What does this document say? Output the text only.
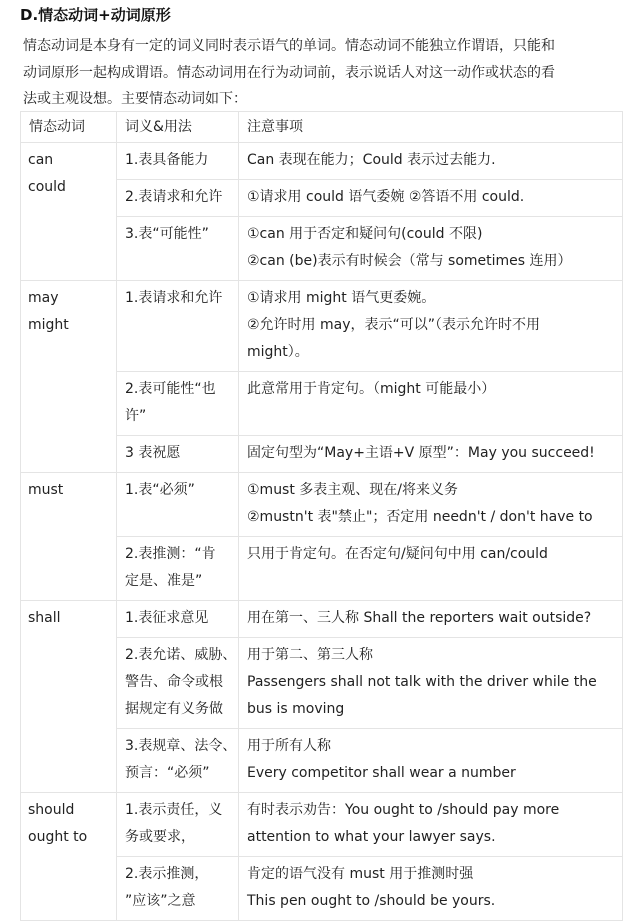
D.情态动词+动词原形

情态动词是本身有一定的词义同时表示语气的单词。情态动词不能独立作谓语，只能和

动词原形一起构成谓语。情态动词用在行为动词前，表示说话人对这一动作或状态的看

法或主观设想。主要情态动词如下：

情态动词	词义&用法	注意事项

can
could	1.表具备能力	Can 表现在能力；Could 表示过去能力.

	2.表请求和允许	①请求用 could 语气委婉 ②答语不用 could.

	3.表“可能性”	①can 用于否定和疑问句(could 不限)
②can (be)表示有时候会（常与 sometimes 连用）

may
might	1.表请求和允许	①请求用 might 语气更委婉。
②允许时用 may，表示“可以”（表示允许时不用
might）。

	2.表可能性“也
许”	此意常用于肯定句。（might 可能最小）

	3 表祝愿	固定句型为“May+主语+V 原型”：May you succeed!

must	1.表“必须”	①must 多表主观、现在/将来义务
②mustn't 表"禁止"；否定用 needn't / don't have to

	2.表推测：“肯
定是、准是”	只用于肯定句。在否定句/疑问句中用 can/could

shall	1.表征求意见	用在第一、三人称 Shall the reporters wait outside?

	2.表允诺、威胁、
警告、命令或根
据规定有义务做	用于第二、第三人称
Passengers shall not talk with the driver while the
bus is moving

	3.表规章、法令、
预言：“必须”	用于所有人称
Every competitor shall wear a number

should
ought to	1.表示责任，义
务或要求，	有时表示劝告：You ought to /should pay more
attention to what your lawyer says.

	2.表示推测，
”应该”之意	肯定的语气没有 must 用于推测时强
This pen ought to /should be yours.
